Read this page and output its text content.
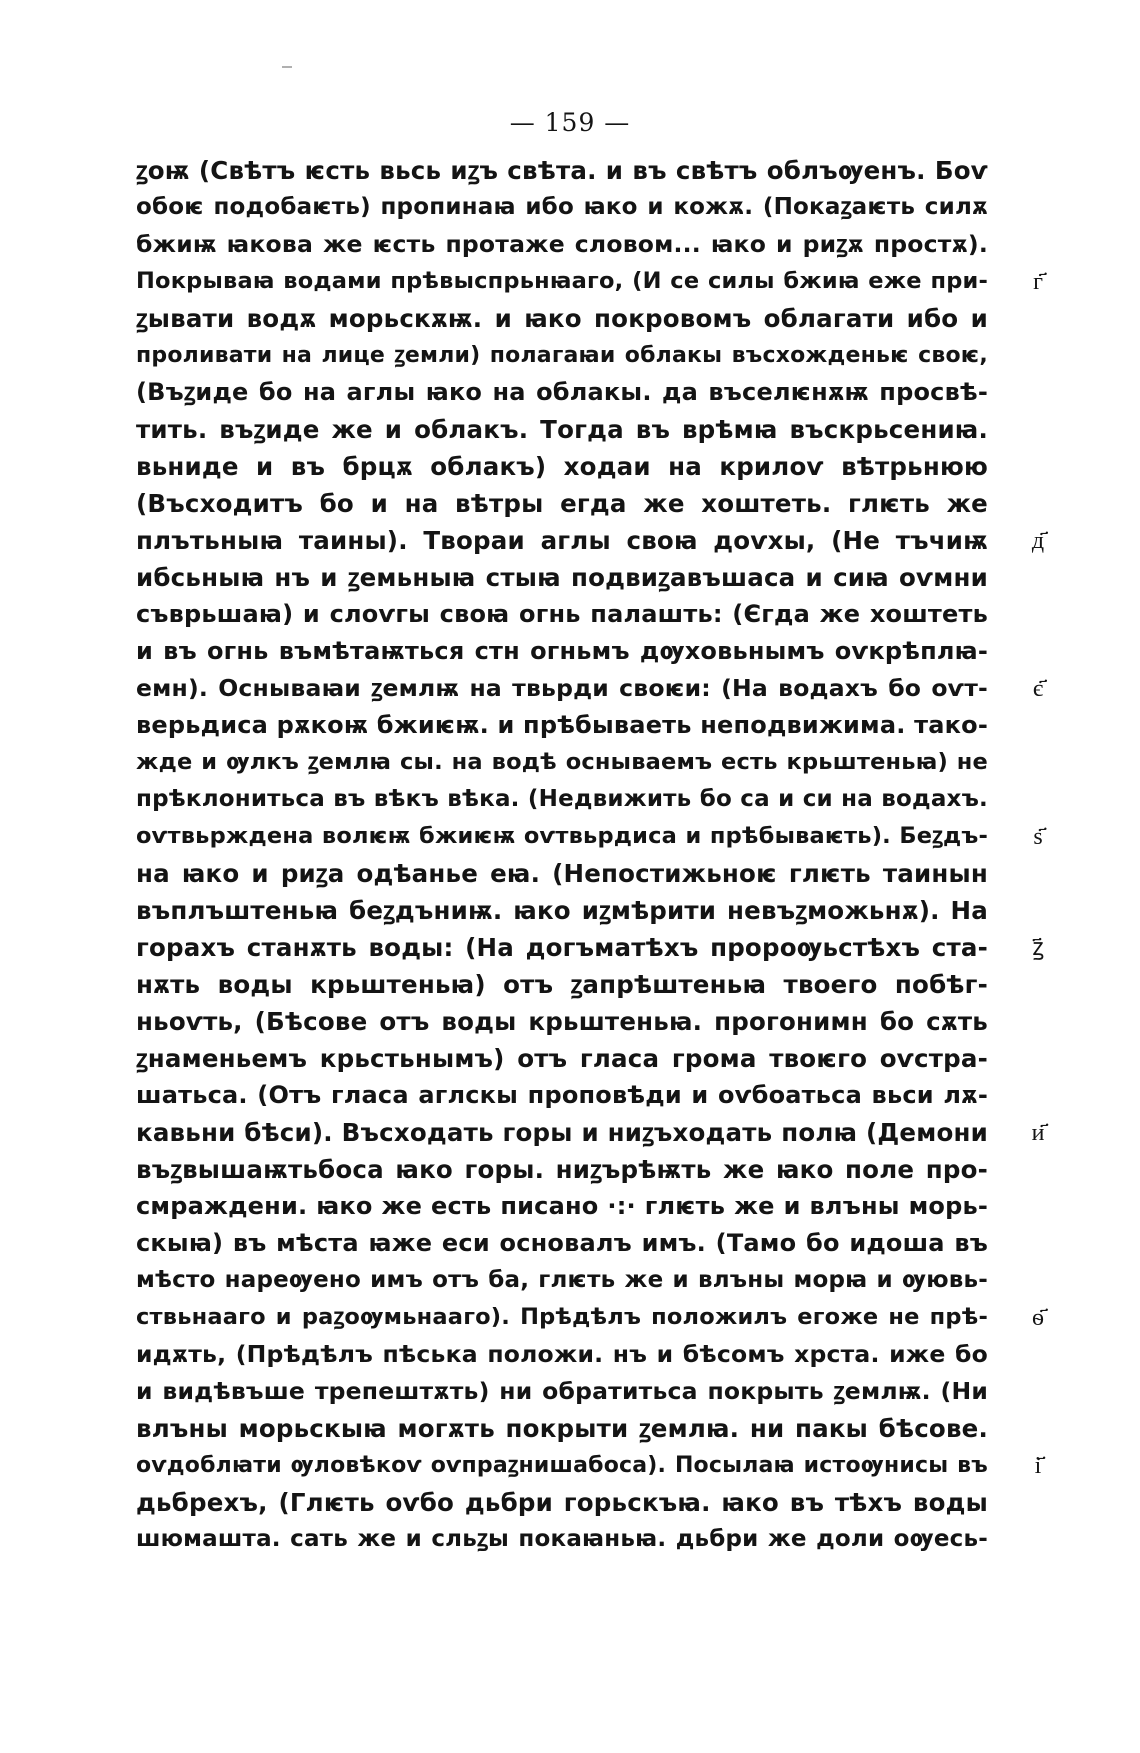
— 159 —
ꙁоѭ (Свѣтъ ѥсть вьсь иꙁъ свѣта. и въ свѣтъ облъѹенъ. Боѵ
обоѥ подобаѥть) пропинаꙗ ибо ꙗко и кожѫ. (Покаꙁаѥть силѫ
бжиѭ ꙗкова же ѥсть протаже словом... ꙗко и риꙁѫ простѫ).
Покрываꙗ водами прѣвыспрьнꙗаго, (И се силы бжиꙗ еже при-
ꙁывати водѫ морьскѫѭ. и ꙗко покровомъ облагати ибо и
проливати на лице ꙁемли) полагаꙗи облакы въсхожденьѥ своѥ,
(Въꙁиде бо на аглы ꙗко на облакы. да въселѥнѫѭ просвѣ-
тить. въꙁиде же и облакъ. Тогда въ врѣмꙗ въскрьсениꙗ.
вьниде и въ брцѫ облакъ) ходаи на крилоѵ вѣтрьнюю
(Въсходитъ бо и на вѣтры егда же хоштеть. глѥть же
плътьныꙗ таины). Твораи аглы своꙗ доѵхы, (Не тъчиѭ
ибсьныꙗ нъ и ꙁемьныꙗ стыꙗ подвиꙁавъшаса и сиꙗ оѵмни
съврьшаꙗ) и слоѵгы своꙗ огнь палашть: (Єгда же хоштеть
и въ огнь въмѣтаѭться стн огньмъ дѹховьнымъ оѵкрѣплꙗ-
емн). Оснываꙗи ꙁемлѭ на твьрди своѥи: (На водахъ бо оѵт-
верьдиса рѫкоѭ бжиѥѭ. и прѣбываеть неподвижима. тако-
жде и ѹлкъ ꙁемлꙗ сы. на водѣ оснываемъ есть крьштеньꙗ) не
прѣклонитьса въ вѣкъ вѣка. (Недвижить бо са и си на водахъ.
оѵтвьрждена волѥѭ бжиѥѭ оѵтвьрдиса и прѣбываѥть). Беꙁдъ-
на ꙗко и риꙁа одѣанье еꙗ. (Непостижьноѥ глѥть таинын
въплъштеньꙗ беꙁдъниѭ. ꙗко иꙁмѣрити невъꙁможьнѫ). На
горахъ станѫть воды: (На догъматѣхъ пророѹьстѣхъ ста-
нѫть воды крьштеньꙗ) отъ ꙁапрѣштеньꙗ твоего побѣг-
ньоѵть, (Бѣсове отъ воды крьштеньꙗ. прогонимн бо сѫть
ꙁнаменьемъ крьстьнымъ) отъ гласа грома твоѥго оѵстра-
шатьса. (Отъ гласа аглскы проповѣди и оѵбоатьса вьси лѫ-
кавьни бѣси). Въсходать горы и ниꙁъходать полꙗ (Демони
въꙁвышаѭтьбоса ꙗко горы. ниꙁърѣѭть же ꙗко поле про-
смраждени. ꙗко же есть писано ·:· глѥть же и влъны морь-
скыꙗ) въ мѣста ꙗже еси основалъ имъ. (Тамо бо идоша въ
мѣсто нареѹено имъ отъ ба, глѥть же и влъны морꙗ и ѹювь-
ствьнааго и раꙁоѹмьнаaго). Прѣдѣлъ положилъ егоже не прѣ-
идѫть, (Прѣдѣлъ пѣська положи. нъ и бѣсомъ хрста. иже бо
и видѣвъше трепештѫть) ни обратитьса покрыть ꙁемлѭ. (Ни
влъны морьскыꙗ могѫть покрыти ꙁемлꙗ. ни пакы бѣсове.
оѵдоблꙗти ѹловѣкоѵ оѵпраꙁнишабоса). Посылаꙗ истоѹнисы въ
дьбрехъ, (Глѥть оѵбо дьбри горьскъꙗ. ꙗко въ тѣхъ воды
шюмашта. сать же и сльꙁы покаꙗньꙗ. дьбри же доли оѹесь-
г҃
д҃
є҃
ѕ҃
ꙁ҃
и҃
ѳ҃
і҃
